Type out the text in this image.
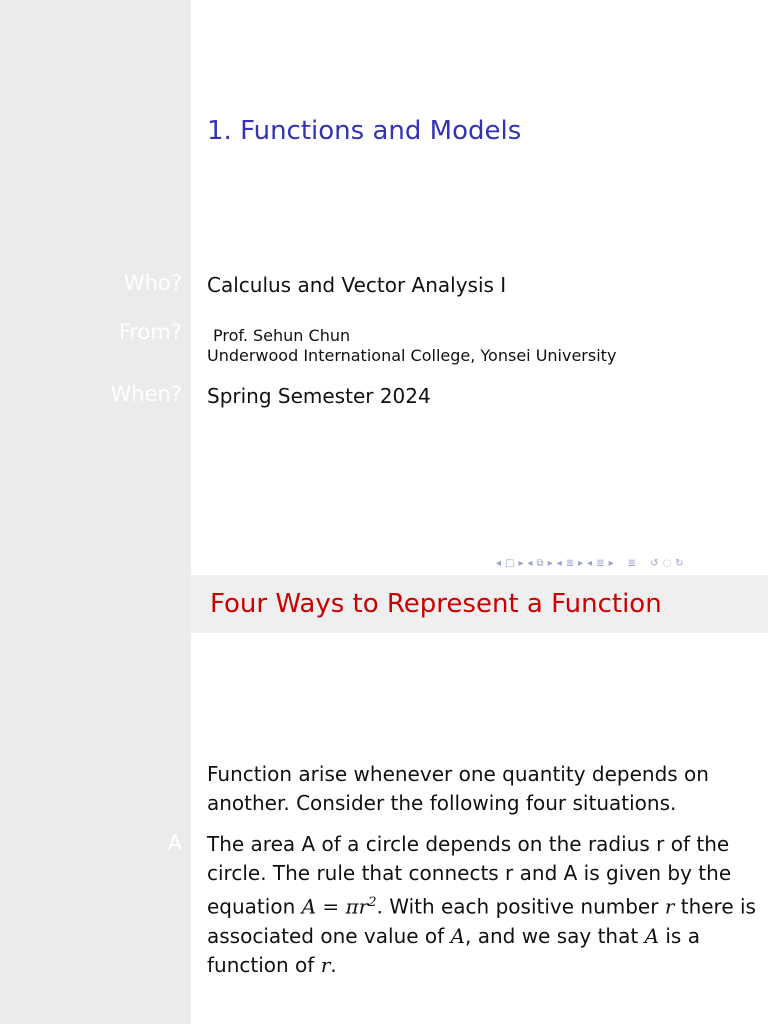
1. Functions and Models
Who? Calculus and Vector Analysis I
From? Prof. Sehun Chun
Underwood International College, Yonsei University
When? Spring Semester 2024
◂ □ ▸ ◂ ⧉ ▸ ◂ ≣ ▸ ◂ ≣ ▸ ≣ ↺ ◌ ↻
Four Ways to Represent a Function
Function arise whenever one quantity depends on another. Consider the following four situations.
A The area A of a circle depends on the radius r of the circle. The rule that connects r and A is given by the equation $A = \pi r^2$. With each positive number r there is associated one value of A, and we say that A is a function of r.
